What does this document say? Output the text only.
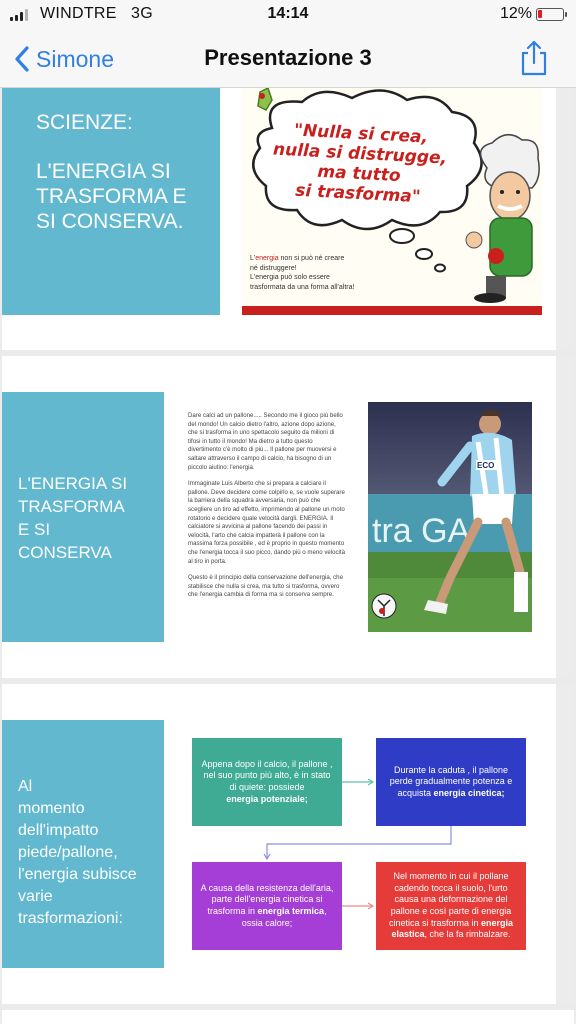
WINDTRE 3G	14:14	12%
Simone	Presentazione 3
SCIENZE:
L'ENERGIA SI
TRASFORMA E
SI CONSERVA.
"Nulla si crea,
nulla si distrugge,
ma tutto
si trasforma"
L'energia non si può né creare
né distruggere!
L'energia può solo essere
trasformata da una forma all'altra!
L'ENERGIA SI
TRASFORMA
E SI
CONSERVA

Dare calci ad un pallone..... Secondo me il gioco più bello del mondo! Un calcio dietro l'altro, azione dopo azione, che si trasforma in uno spettacolo seguito da milioni di tifosi in tutto il mondo! Ma dietro a tutto questo divertimento c'è molto di più... Il pallone per muoversi e saltare attraverso il campo di calcio, ha bisogno di un piccolo aiutino: l'energia.

Immaginate Luis Alberto che si prepara a calciare il pallone. Deve decidere come colpirlo e, se vuole superare la barriera della squadra avversaria, non può che scegliere un tiro ad effetto, imprimendo al pallone un moto rotatorio e decidere quale velocità dargli. ENERGIA. Il calciatore si avvicina al pallone facendo dei passi in velocità, l'arto che calcia impatterà il pallone con la massima forza possibile , ed è proprio in questo momento che l'energia tocca il suo picco, dando più o meno velocità al tiro in porta.

Questo è il principio della conservazione dell'energia, che stabilisce che nulla si crea, ma tutto si trasforma, ovvero che l'energia cambia di forma ma si conserva sempre.

tra GA
ECO
Al
momento
dell'impatto
piede/pallone,
l'energia subisce
varie
trasformazioni:
Appena dopo il calcio, il pallone , nel suo punto più alto, è in stato di quiete: possiede
energia potenziale;
Durante la caduta , il pallone perde gradualmente potenza e acquista energia cinetica;
A causa della resistenza dell'aria, parte dell'energia cinetica si trasforma in energia termica, ossia calore;
Nel momento in cui il pollane cadendo tocca il suolo, l'urto causa una deformazione del pallone e così parte di energia cinetica si trasforma in energia elastica, che la fa rimbalzare.
